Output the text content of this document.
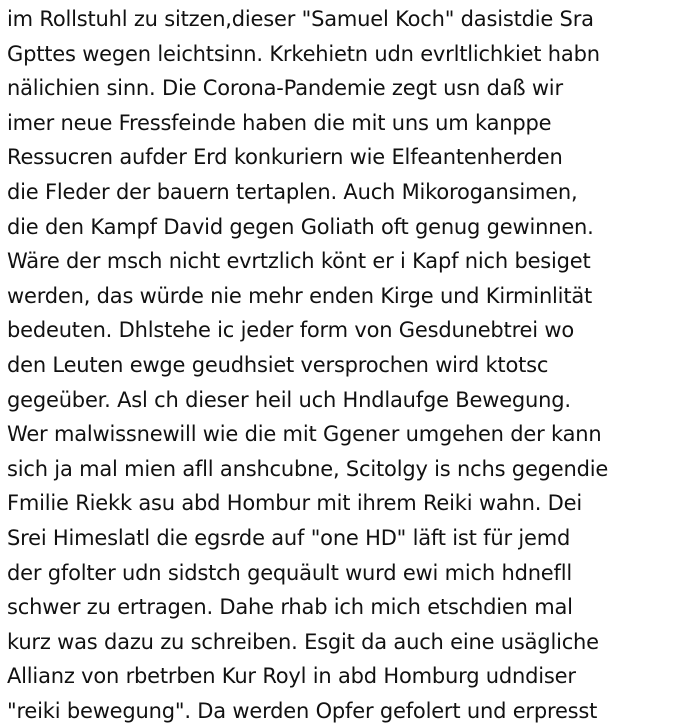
im Rollstuhl zu sitzen,dieser "Samuel Koch" dasistdie Sra

Gpttes wegen leichtsinn. Krkehietn udn evrltlichkiet habn

nälichien sinn. Die Corona-Pandemie zegt usn daß wir

imer neue Fressfeinde haben die mit uns um kanppe

Ressucren aufder Erd konkuriern wie Elfeantenherden

die Fleder der bauern tertaplen. Auch Mikorogansimen,

die den Kampf David gegen Goliath oft genug gewinnen.

Wäre der msch nicht evrtzlich könt er i Kapf nich besiget

werden, das würde nie mehr enden Kirge und Kirminlität

bedeuten. Dhlstehe ic jeder form von Gesdunebtrei wo

den Leuten ewge geudhsiet versprochen wird ktotsc

gegeüber. Asl ch dieser heil uch Hndlaufge Bewegung.

Wer malwissnewill wie die mit Ggener umgehen der kann

sich ja mal mien afll anshcubne, Scitolgy is nchs gegendie

Fmilie Riekk asu abd Hombur mit ihrem Reiki wahn. Dei

Srei Himeslatl die egsrde auf "one HD" läft ist für jemd

der gfolter udn sidstch gequäult wurd ewi mich hdnefll

schwer zu ertragen. Dahe rhab ich mich etschdien mal

kurz was dazu zu schreiben. Esgit da auch eine usägliche

Allianz von rbetrben Kur Royl in abd Homburg udndiser

"reiki bewegung". Da werden Opfer gefolert und erpresst
